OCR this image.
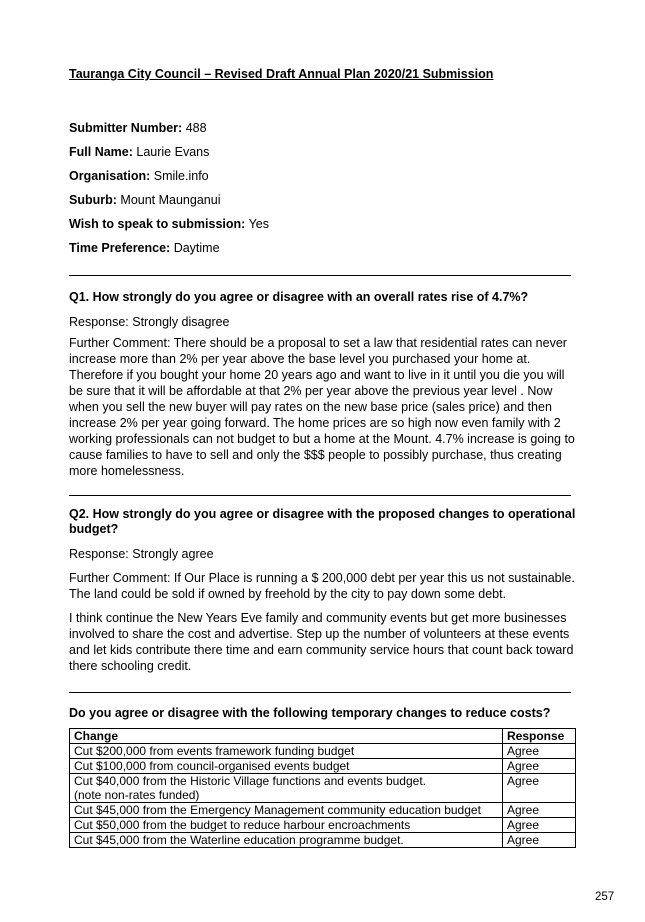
Tauranga City Council – Revised Draft Annual Plan 2020/21 Submission
Submitter Number: 488
Full Name: Laurie Evans
Organisation: Smile.info
Suburb: Mount Maunganui
Wish to speak to submission: Yes
Time Preference: Daytime
Q1. How strongly do you agree or disagree with an overall rates rise of 4.7%?
Response: Strongly disagree
Further Comment: There should be a proposal to set a law that residential rates can never increase more than 2% per year above the base level you purchased your home at. Therefore if you bought your home 20 years ago and want to live in it until you die you will be sure that it will be affordable at that 2% per year above the previous year level . Now when you sell the new buyer will pay rates on the new base price (sales price) and then increase 2% per year going forward. The home prices are so high now even family with 2 working professionals can not budget to but a home at the Mount. 4.7% increase is going to cause families to have to sell and only the $$$ people to possibly purchase, thus creating more homelessness.
Q2. How strongly do you agree or disagree with the proposed changes to operational budget?
Response: Strongly agree
Further Comment: If Our Place is running a $ 200,000 debt per year this us not sustainable. The land could be sold if owned by freehold by the city to pay down some debt.
I think continue the New Years Eve family and community events but get more businesses involved to share the cost and advertise. Step up the number of volunteers at these events and let kids contribute there time and earn community service hours that count back toward there schooling credit.
Do you agree or disagree with the following temporary changes to reduce costs?
Change	Response
Cut $200,000 from events framework funding budget	Agree
Cut $100,000 from council-organised events budget	Agree

Cut $40,000 from the Historic Village functions and events budget.
(note non-rates funded)	Agree
Cut $45,000 from the Emergency Management community education budget	Agree
Cut $50,000 from the budget to reduce harbour encroachments	Agree
Cut $45,000 from the Waterline education programme budget.	Agree
257
